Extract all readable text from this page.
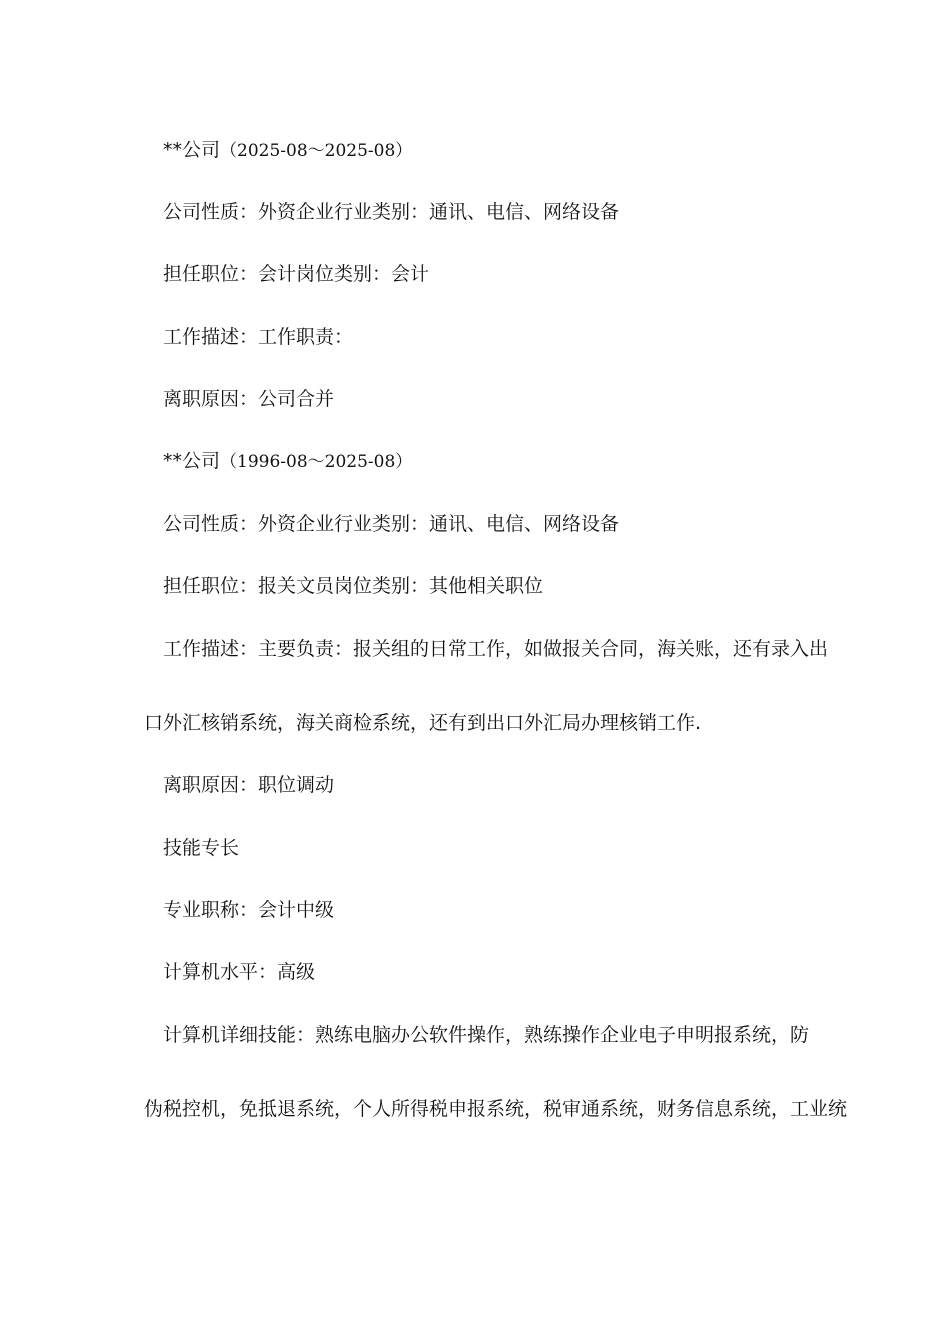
**公司（2025-08～2025-08）
公司性质：外资企业行业类别：通讯、电信、网络设备
担任职位：会计岗位类别：会计
工作描述：工作职责：
离职原因：公司合并
**公司（1996-08～2025-08）
公司性质：外资企业行业类别：通讯、电信、网络设备
担任职位：报关文员岗位类别：其他相关职位
工作描述：主要负责：报关组的日常工作，如做报关合同，海关账，还有录入出
口外汇核销系统，海关商检系统，还有到出口外汇局办理核销工作.
离职原因：职位调动
技能专长
专业职称：会计中级
计算机水平：高级
计算机详细技能：熟练电脑办公软件操作，熟练操作企业电子申明报系统，防
伪税控机，免抵退系统，个人所得税申报系统，税审通系统，财务信息系统，工业统
